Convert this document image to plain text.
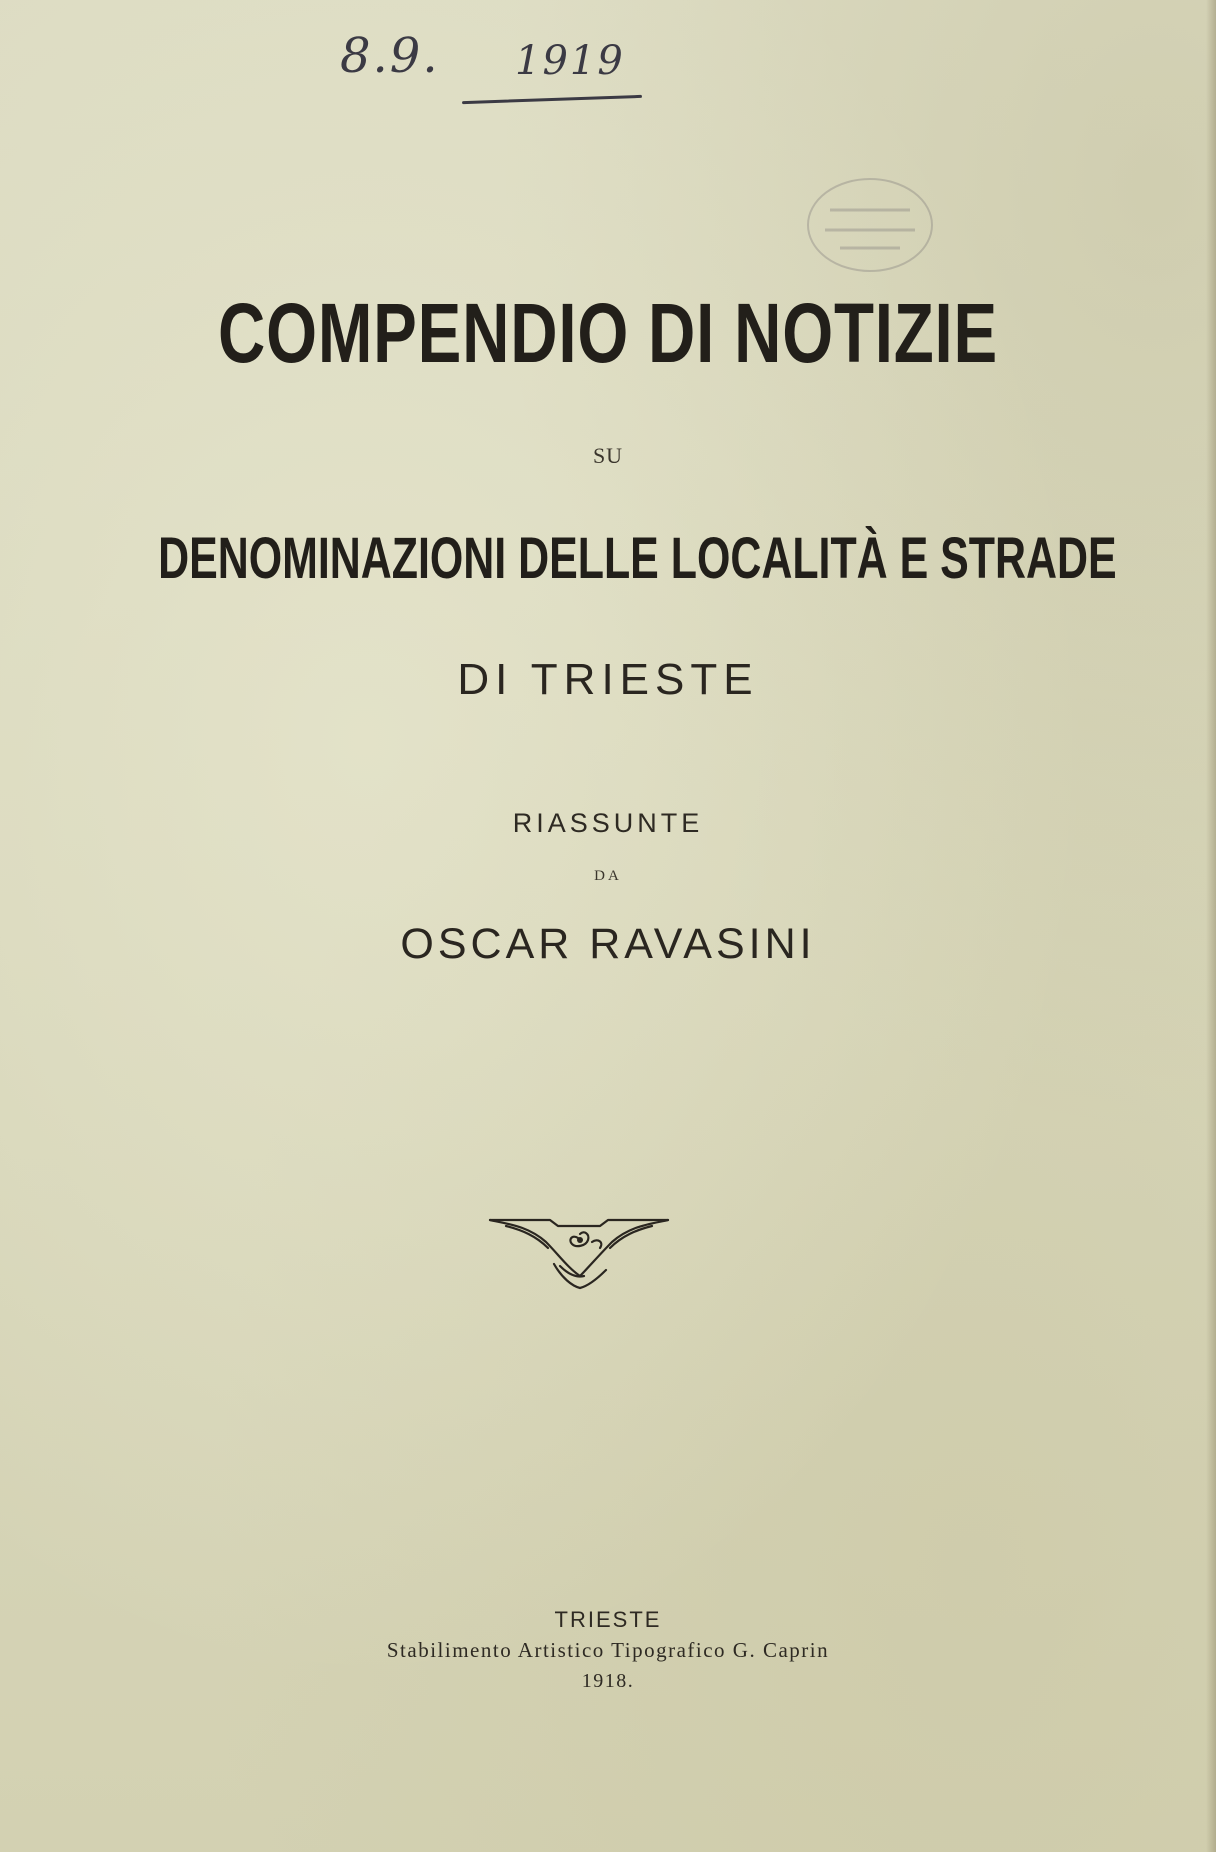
8.9. 1919
COMPENDIO DI NOTIZIE
SU
DENOMINAZIONI DELLE LOCALITÀ E STRADE
DI TRIESTE
RIASSUNTE
DA
OSCAR RAVASINI
TRIESTE
Stabilimento Artistico Tipografico G. Caprin
1918.
